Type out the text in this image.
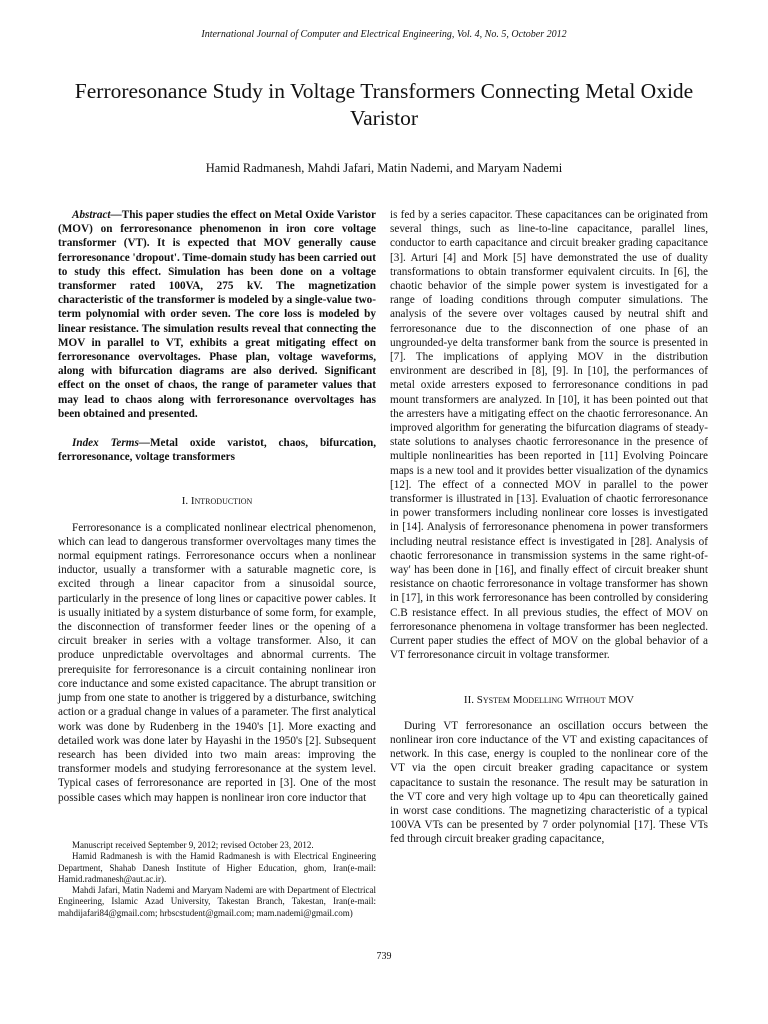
International Journal of Computer and Electrical Engineering, Vol. 4, No. 5, October 2012
Ferroresonance Study in Voltage Transformers Connecting Metal Oxide Varistor
Hamid Radmanesh, Mahdi Jafari, Matin Nademi, and Maryam Nademi

Abstract—This paper studies the effect on Metal Oxide Varistor (MOV) on ferroresonance phenomenon in iron core voltage transformer (VT). It is expected that MOV generally cause ferroresonance 'dropout'. Time-domain study has been carried out to study this effect. Simulation has been done on a voltage transformer rated 100VA, 275 kV. The magnetization characteristic of the transformer is modeled by a single-value two-term polynomial with order seven. The core loss is modeled by linear resistance. The simulation results reveal that connecting the MOV in parallel to VT, exhibits a great mitigating effect on ferroresonance overvoltages. Phase plan, voltage waveforms, along with bifurcation diagrams are also derived. Significant effect on the onset of chaos, the range of parameter values that may lead to chaos along with ferroresonance overvoltages has been obtained and presented.

Index Terms—Metal oxide varistot, chaos, bifurcation, ferroresonance, voltage transformers

I. Introduction

Ferroresonance is a complicated nonlinear electrical phenomenon, which can lead to dangerous transformer overvoltages many times the normal equipment ratings. Ferroresonance occurs when a nonlinear inductor, usually a transformer with a saturable magnetic core, is excited through a linear capacitor from a sinusoidal source, particularly in the presence of long lines or capacitive power cables. It is usually initiated by a system disturbance of some form, for example, the disconnection of transformer feeder lines or the opening of a circuit breaker in series with a voltage transformer. Also, it can produce unpredictable overvoltages and abnormal currents. The prerequisite for ferroresonance is a circuit containing nonlinear iron core inductance and some existed capacitance. The abrupt transition or jump from one state to another is triggered by a disturbance, switching action or a gradual change in values of a parameter. The first analytical work was done by Rudenberg in the 1940's [1]. More exacting and detailed work was done later by Hayashi in the 1950's [2]. Subsequent research has been divided into two main areas: improving the transformer models and studying ferroresonance at the system level. Typical cases of ferroresonance are reported in [3]. One of the most possible cases which may happen is nonlinear iron core inductor that

is fed by a series capacitor. These capacitances can be originated from several things, such as line-to-line capacitance, parallel lines, conductor to earth capacitance and circuit breaker grading capacitance [3]. Arturi [4] and Mork [5] have demonstrated the use of duality transformations to obtain transformer equivalent circuits. In [6], the chaotic behavior of the simple power system is investigated for a range of loading conditions through computer simulations. The analysis of the severe over voltages caused by neutral shift and ferroresonance due to the disconnection of one phase of an ungrounded-ye delta transformer bank from the source is presented in [7]. The implications of applying MOV in the distribution environment are described in [8], [9]. In [10], the performances of metal oxide arresters exposed to ferroresonance conditions in pad mount transformers are analyzed. In [10], it has been pointed out that the arresters have a mitigating effect on the chaotic ferroresonance. An improved algorithm for generating the bifurcation diagrams of steady-state solutions to analyses chaotic ferroresonance in the presence of multiple nonlinearities has been reported in [11] Evolving Poincare maps is a new tool and it provides better visualization of the dynamics [12]. The effect of a connected MOV in parallel to the power transformer is illustrated in [13]. Evaluation of chaotic ferroresonance in power transformers including nonlinear core losses is investigated in [14]. Analysis of ferroresonance phenomena in power transformers including neutral resistance effect is investigated in [28]. Analysis of chaotic ferroresonance in transmission systems in the same right-of-way' has been done in [16], and finally effect of circuit breaker shunt resistance on chaotic ferroresonance in voltage transformer has shown in [17], in this work ferroresonance has been controlled by considering C.B resistance effect. In all previous studies, the effect of MOV on ferroresonance phenomena in voltage transformer has been neglected. Current paper studies the effect of MOV on the global behavior of a VT ferroresonance circuit in voltage transformer.

II. System Modelling Without MOV

During VT ferroresonance an oscillation occurs between the nonlinear iron core inductance of the VT and existing capacitances of network. In this case, energy is coupled to the nonlinear core of the VT via the open circuit breaker grading capacitance or system capacitance to sustain the resonance. The result may be saturation in the VT core and very high voltage up to 4pu can theoretically gained in worst case conditions. The magnetizing characteristic of a typical 100VA VTs can be presented by 7 order polynomial [17]. These VTs fed through circuit breaker grading capacitance,

Manuscript received September 9, 2012; revised October 23, 2012.

Hamid Radmanesh is with the Hamid Radmanesh is with Electrical Engineering Department, Shahab Danesh Institute of Higher Education, ghom, Iran(e-mail: Hamid.radmanesh@aut.ac.ir).

Mahdi Jafari, Matin Nademi and Maryam Nademi are with Department of Electrical Engineering, Islamic Azad University, Takestan Branch, Takestan, Iran(e-mail: mahdijafari84@gmail.com; hrbscstudent@gmail.com; mam.nademi@gmail.com)

739
